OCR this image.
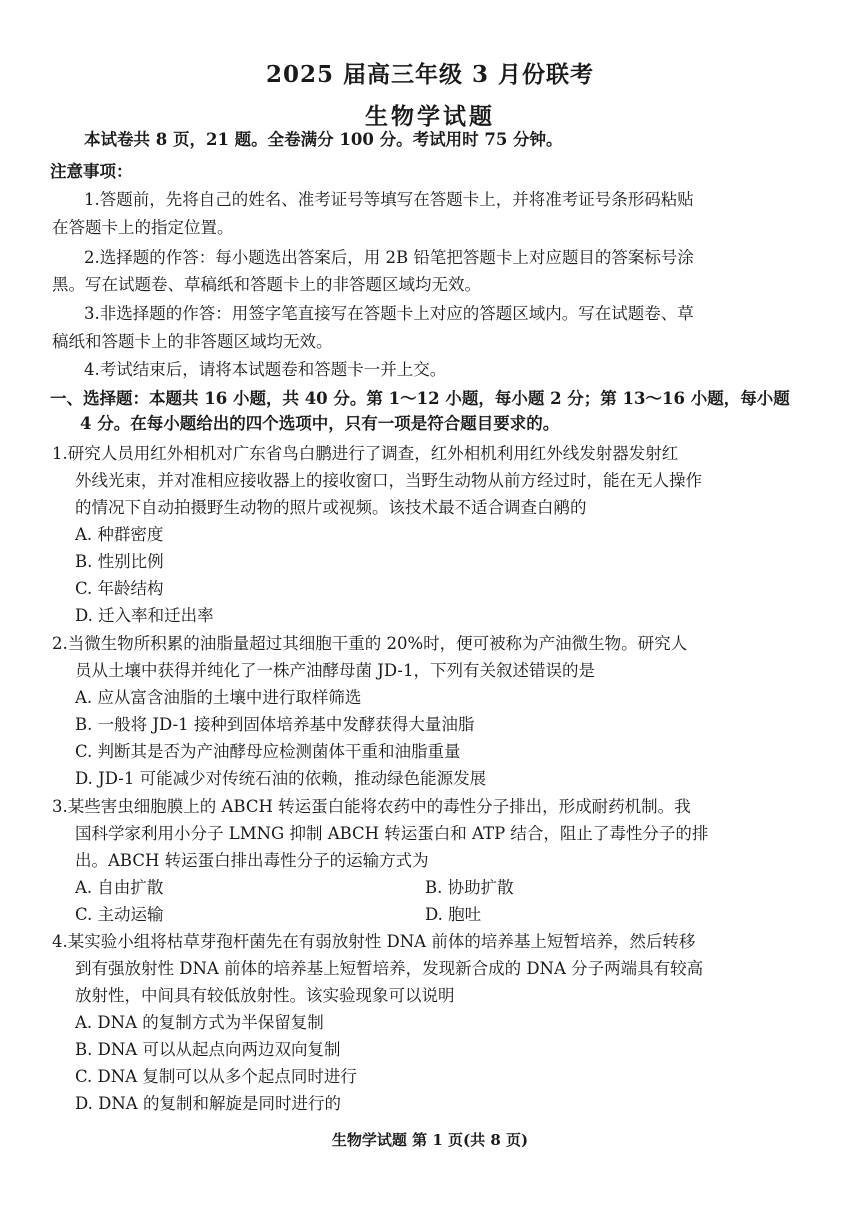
2025 届高三年级 3 月份联考
生物学试题
本试卷共 8 页，21 题。全卷满分 100 分。考试用时 75 分钟。
注意事项：
1.答题前，先将自己的姓名、准考证号等填写在答题卡上，并将准考证号条形码粘贴
在答题卡上的指定位置。
2.选择题的作答：每小题选出答案后，用 2B 铅笔把答题卡上对应题目的答案标号涂
黑。写在试题卷、草稿纸和答题卡上的非答题区域均无效。
3.非选择题的作答：用签字笔直接写在答题卡上对应的答题区域内。写在试题卷、草
稿纸和答题卡上的非答题区域均无效。
4.考试结束后，请将本试题卷和答题卡一并上交。
一、选择题：本题共 16 小题，共 40 分。第 1～12 小题，每小题 2 分；第 13～16 小题，每小题
4 分。在每小题给出的四个选项中，只有一项是符合题目要求的。
1.研究人员用红外相机对广东省鸟白鹏进行了调查，红外相机利用红外线发射器发射红
外线光束，并对准相应接收器上的接收窗口，当野生动物从前方经过时，能在无人操作
的情况下自动拍摄野生动物的照片或视频。该技术最不适合调查白鹇的
A. 种群密度
B. 性别比例
C. 年龄结构
D. 迁入率和迁出率
2.当微生物所积累的油脂量超过其细胞干重的 20%时，便可被称为产油微生物。研究人
员从土壤中获得并纯化了一株产油酵母菌 JD-1，下列有关叙述错误的是
A. 应从富含油脂的土壤中进行取样筛选
B. 一般将 JD-1 接种到固体培养基中发酵获得大量油脂
C. 判断其是否为产油酵母应检测菌体干重和油脂重量
D. JD-1 可能减少对传统石油的依赖，推动绿色能源发展
3.某些害虫细胞膜上的 ABCH 转运蛋白能将农药中的毒性分子排出，形成耐药机制。我
国科学家利用小分子 LMNG 抑制 ABCH 转运蛋白和 ATP 结合，阻止了毒性分子的排
出。ABCH 转运蛋白排出毒性分子的运输方式为
A. 自由扩散	B. 协助扩散
C. 主动运输	D. 胞吐
4.某实验小组将枯草芽孢杆菌先在有弱放射性 DNA 前体的培养基上短暂培养，然后转移
到有强放射性 DNA 前体的培养基上短暂培养，发现新合成的 DNA 分子两端具有较高
放射性，中间具有较低放射性。该实验现象可以说明
A. DNA 的复制方式为半保留复制
B. DNA 可以从起点向两边双向复制
C. DNA 复制可以从多个起点同时进行
D. DNA 的复制和解旋是同时进行的
生物学试题 第 1 页(共 8 页)
